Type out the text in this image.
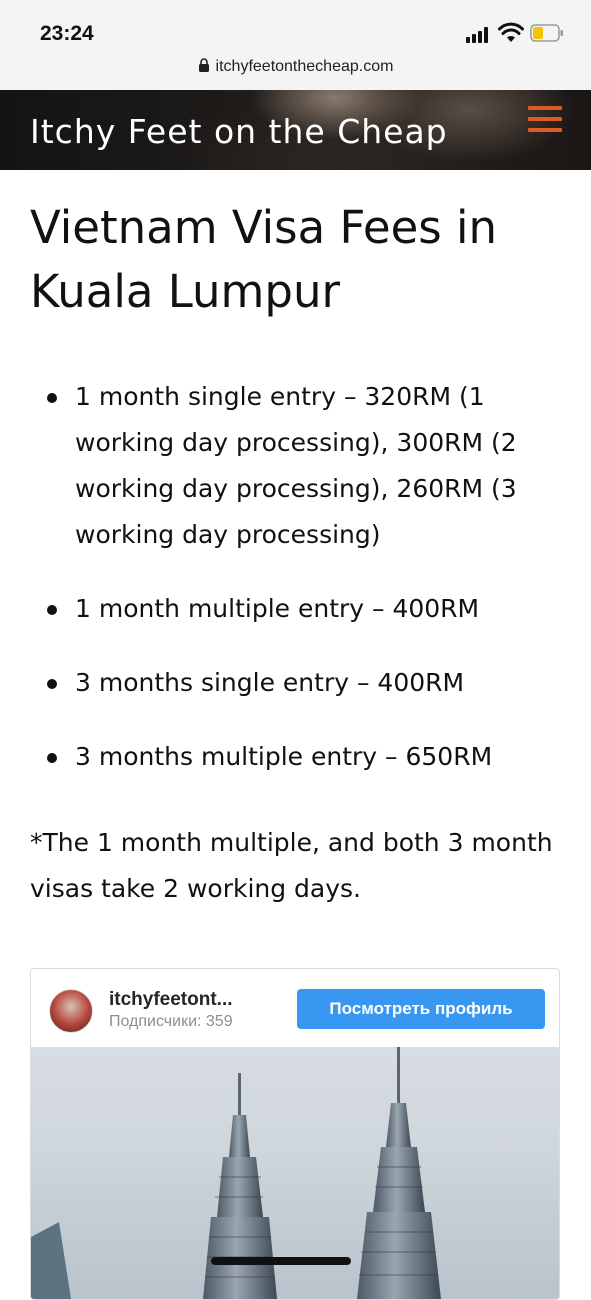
23:24
itchyfeetonthecheap.com
Itchy Feet on the Cheap
Vietnam Visa Fees in Kuala Lumpur
1 month single entry – 320RM (1 working day processing), 300RM (2 working day processing), 260RM (3 working day processing)
1 month multiple entry – 400RM
3 months single entry – 400RM
3 months multiple entry – 650RM

*The 1 month multiple, and both 3 month visas take 2 working days.

itchyfeetont...
Подписчики: 359
Посмотреть профиль
